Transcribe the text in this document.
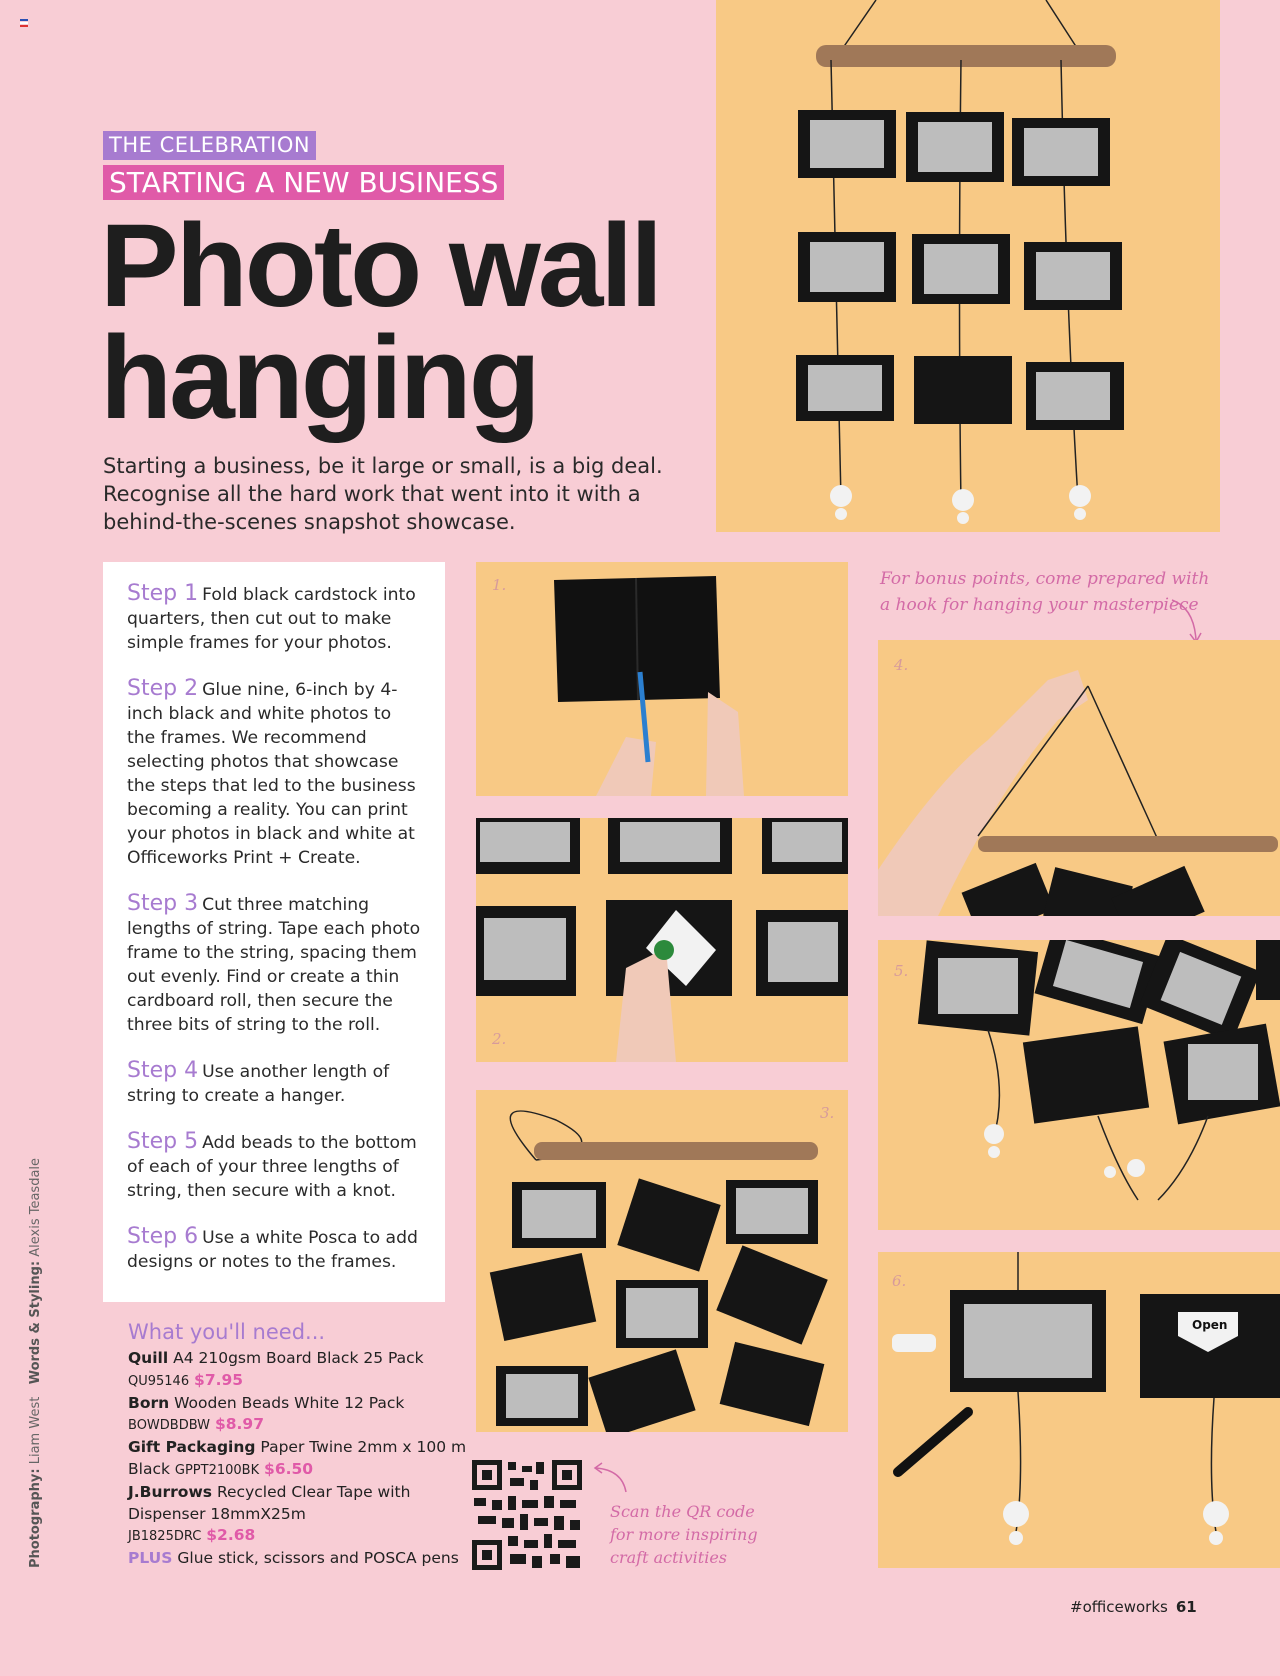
THE CELEBRATION
STARTING A NEW BUSINESS
Photo wall
hanging
Starting a business, be it large or small, is a big deal. Recognise all the hard work that went into it with a behind-the-scenes snapshot showcase.

Step 1 Fold black cardstock into quarters, then cut out to make simple frames for your photos.

Step 2 Glue nine, 6-inch by 4-inch black and white photos to the frames. We recommend selecting photos that showcase the steps that led to the business becoming a reality. You can print your photos in black and white at Officeworks Print + Create.

Step 3 Cut three matching lengths of string. Tape each photo frame to the string, spacing them out evenly. Find or create a thin cardboard roll, then secure the three bits of string to the roll.

Step 4 Use another length of string to create a hanger.

Step 5 Add beads to the bottom of each of your three lengths of string, then secure with a knot.

Step 6 Use a white Posca to add designs or notes to the frames.

What you'll need...
Quill A4 210gsm Board Black 25 Pack
QU95146 $7.95
Born Wooden Beads White 12 Pack
BOWDBDBW $8.97
Gift Packaging Paper Twine 2mm x 100 m Black GPPT2100BK $6.50
J.Burrows Recycled Clear Tape with Dispenser 18mmX25m
JB1825DRC $2.68
PLUS Glue stick, scissors and POSCA pens
Photography: Liam West   Words & Styling: Alexis Teasdale
1.
2.
3.
For bonus points, come prepared with a hook for hanging your masterpiece
4.
5.
6.
Open
Scan the QR code for more inspiring craft activities
#officeworks 61
